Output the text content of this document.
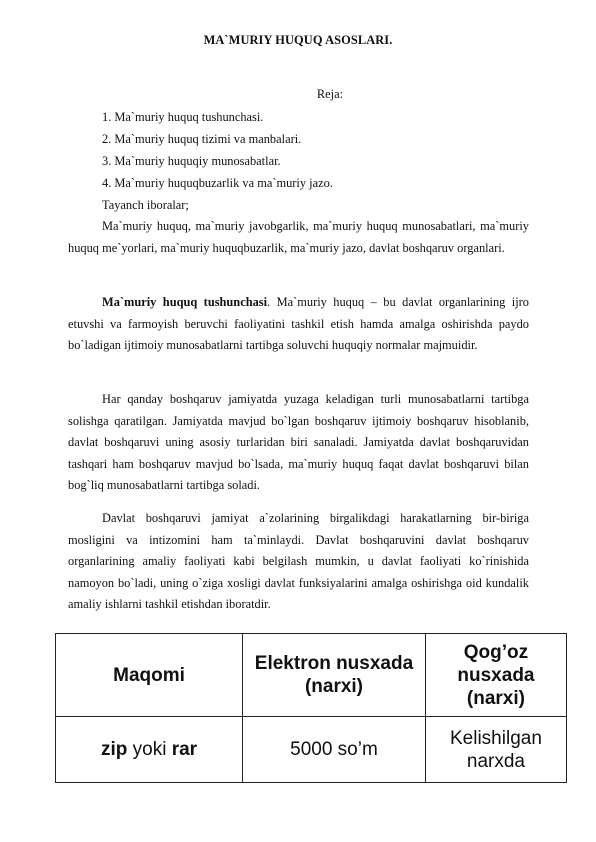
MA`MURIY HUQUQ ASOSLARI.
Reja:
1. Ma`muriy huquq tushunchasi.
2. Ma`muriy huquq tizimi va manbalari.
3. Ma`muriy huquqiy munosabatlar.
4. Ma`muriy huquqbuzarlik va ma`muriy jazo.
Tayanch iboralar;
Ma`muriy huquq, ma`muriy javobgarlik, ma`muriy huquq munosabatlari, ma`muriy huquq me`yorlari, ma`muriy huquqbuzarlik, ma`muriy jazo, davlat boshqaruv organlari.
Ma`muriy huquq tushunchasi. Ma`muriy huquq – bu davlat organlarining ijro etuvshi va farmoyish beruvchi faoliyatini tashkil etish hamda amalga oshirishda paydo bo`ladigan ijtimoiy munosabatlarni tartibga soluvchi huquqiy normalar majmuidir.
Har qanday boshqaruv jamiyatda yuzaga keladigan turli munosabatlarni tartibga solishga qaratilgan. Jamiyatda mavjud bo`lgan boshqaruv ijtimoiy boshqaruv hisoblanib, davlat boshqaruvi uning asosiy turlaridan biri sanaladi. Jamiyatda davlat boshqaruvidan tashqari ham boshqaruv mavjud bo`lsada, ma`muriy huquq faqat davlat boshqaruvi bilan bog`liq munosabatlarni tartibga soladi.
Davlat boshqaruvi jamiyat a`zolarining birgalikdagi harakatlarning bir-biriga mosligini va intizomini ham ta`minlaydi. Davlat boshqaruvini davlat boshqaruv organlarining amaliy faoliyati kabi belgilash mumkin, u davlat faoliyati ko`rinishida namoyon bo`ladi, uning o`ziga xosligi davlat funksiyalarini amalga oshirishga oid kundalik amaliy ishlarni tashkil etishdan iboratdir.
Maqomi	Elektron nusxada (narxi)	Qog’oz nusxada (narxi)
zip yoki rar	5000 so’m	Kelishilgan narxda
